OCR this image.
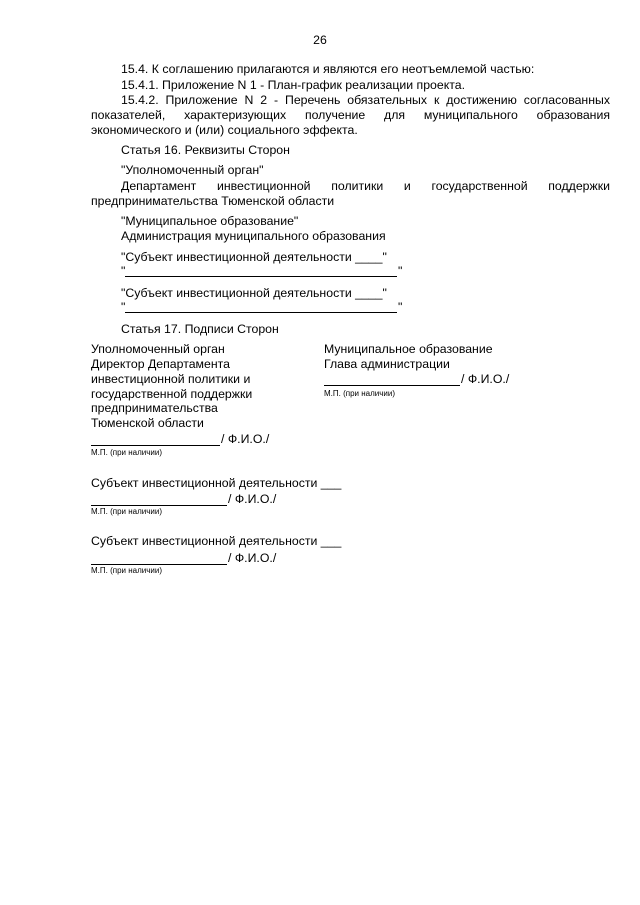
26
15.4. К соглашению прилагаются и являются его неотъемлемой частью:
15.4.1. Приложение N 1 - План-график реализации проекта.
15.4.2. Приложение N 2 - Перечень обязательных к достижению согласованных
показателей, характеризующих получение для муниципального образования
экономического и (или) социального эффекта.
Статья 16. Реквизиты Сторон
"Уполномоченный орган"
Департамент инвестиционной политики и государственной поддержки
предпринимательства Тюменской области
"Муниципальное образование"
Администрация муниципального образования
"Субъект инвестиционной деятельности ____"
"	"
"Субъект инвестиционной деятельности ____"
"	"
Статья 17. Подписи Сторон
Уполномоченный орган
Директор Департамента
инвестиционной политики и
государственной поддержки
предпринимательства
Тюменской области
/ Ф.И.О./
М.П. (при наличии)
Муниципальное образование
Глава администрации
/ Ф.И.О./
М.П. (при наличии)
Субъект инвестиционной деятельности ___
/ Ф.И.О./
М.П. (при наличии)
Субъект инвестиционной деятельности ___
/ Ф.И.О./
М.П. (при наличии)
